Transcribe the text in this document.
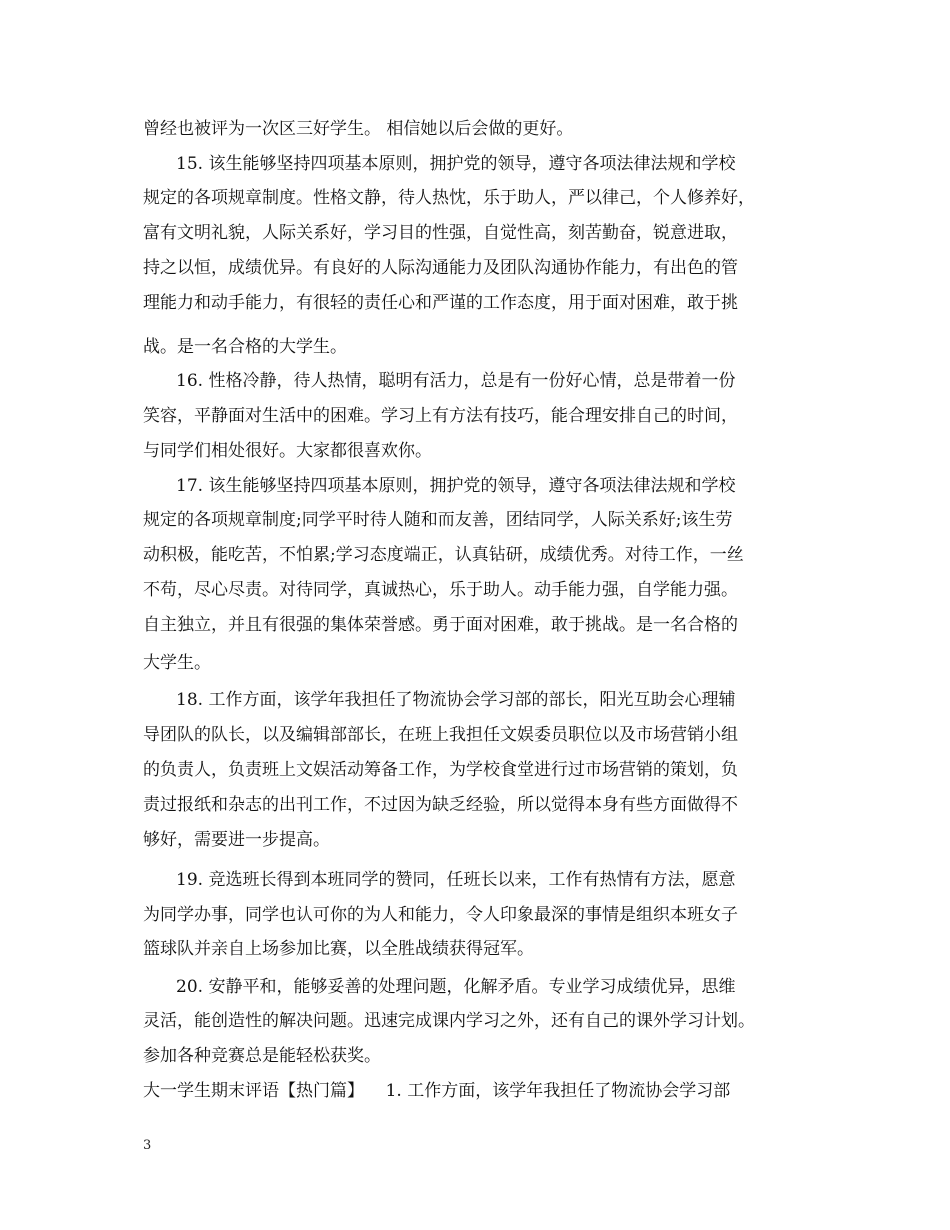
曾经也被评为一次区三好学生。 相信她以后会做的更好。
15. 该生能够坚持四项基本原则，拥护党的领导，遵守各项法律法规和学校
规定的各项规章制度。性格文静，待人热忱，乐于助人，严以律己，个人修养好，
富有文明礼貌，人际关系好，学习目的性强，自觉性高，刻苦勤奋，锐意进取，
持之以恒，成绩优异。有良好的人际沟通能力及团队沟通协作能力，有出色的管
理能力和动手能力，有很轻的责任心和严谨的工作态度，用于面对困难，敢于挑
战。是一名合格的大学生。
16. 性格冷静，待人热情，聪明有活力，总是有一份好心情，总是带着一份
笑容，平静面对生活中的困难。学习上有方法有技巧，能合理安排自己的时间，
与同学们相处很好。大家都很喜欢你。
17. 该生能够坚持四项基本原则，拥护党的领导，遵守各项法律法规和学校
规定的各项规章制度;同学平时待人随和而友善，团结同学，人际关系好;该生劳
动积极，能吃苦，不怕累;学习态度端正，认真钻研，成绩优秀。对待工作，一丝
不苟，尽心尽责。对待同学，真诚热心，乐于助人。动手能力强，自学能力强。
自主独立，并且有很强的集体荣誉感。勇于面对困难，敢于挑战。是一名合格的
大学生。
18. 工作方面，该学年我担任了物流协会学习部的部长，阳光互助会心理辅
导团队的队长，以及编辑部部长，在班上我担任文娱委员职位以及市场营销小组
的负责人，负责班上文娱活动筹备工作，为学校食堂进行过市场营销的策划，负
责过报纸和杂志的出刊工作，不过因为缺乏经验，所以觉得本身有些方面做得不
够好，需要进一步提高。
19. 竞选班长得到本班同学的赞同，任班长以来，工作有热情有方法，愿意
为同学办事，同学也认可你的为人和能力，令人印象最深的事情是组织本班女子
篮球队并亲自上场参加比赛，以全胜战绩获得冠军。
20. 安静平和，能够妥善的处理问题，化解矛盾。专业学习成绩优异，思维
灵活，能创造性的解决问题。迅速完成课内学习之外，还有自己的课外学习计划。
参加各种竞赛总是能轻松获奖。
大一学生期末评语【热门篇】    1. 工作方面，该学年我担任了物流协会学习部
3
